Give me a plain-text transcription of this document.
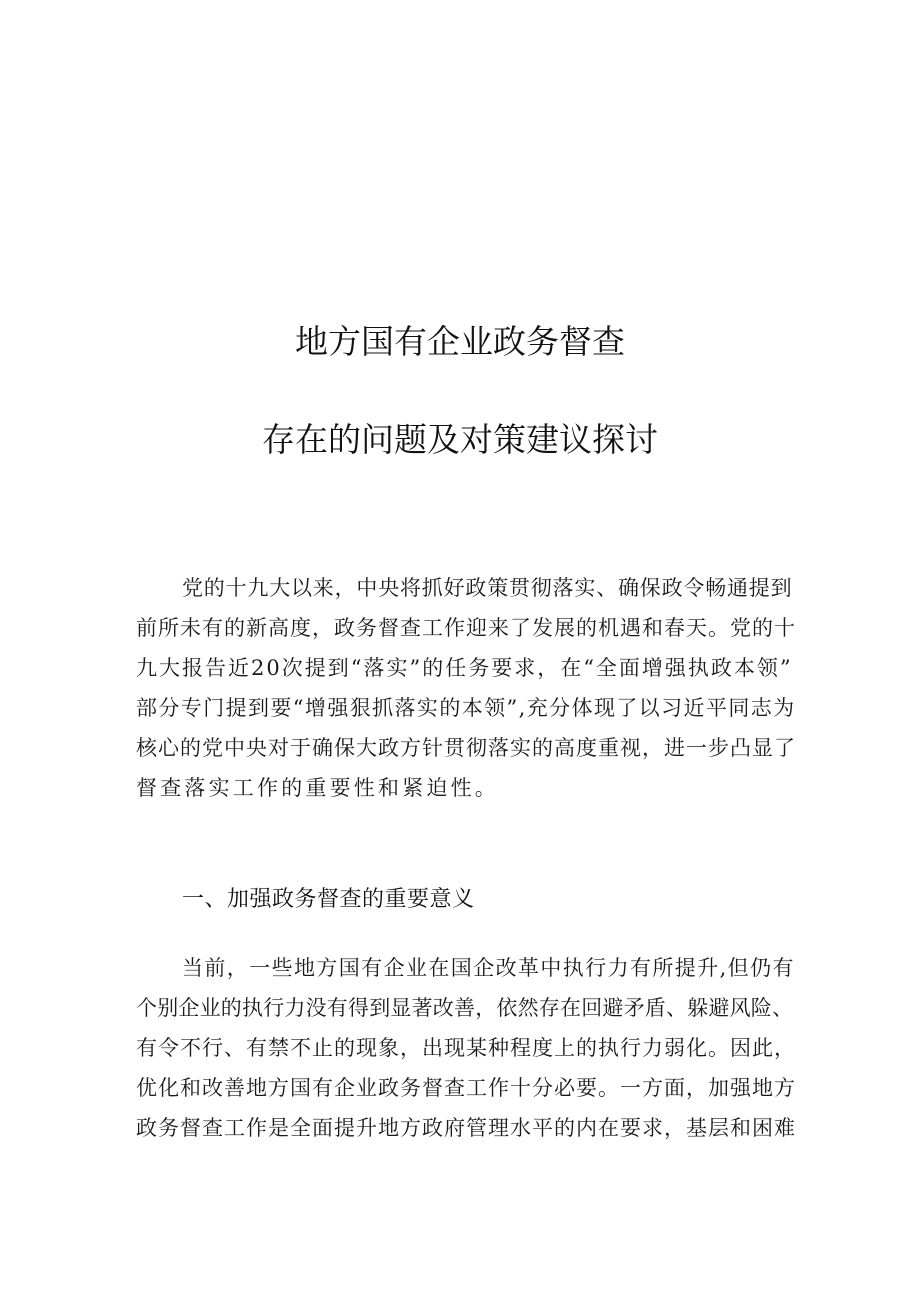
地方国有企业政务督查
存在的问题及对策建议探讨
党的十九大以来，中央将抓好政策贯彻落实、确保政令畅通提到
前所未有的新高度，政务督查工作迎来了发展的机遇和春天。党的十
九大报告近20次提到“落实”的任务要求，在“全面增强执政本领”
部分专门提到要“增强狠抓落实的本领”,充分体现了以习近平同志为
核心的党中央对于确保大政方针贯彻落实的高度重视，进一步凸显了
督查落实工作的重要性和紧迫性。
一、加强政务督查的重要意义
当前，一些地方国有企业在国企改革中执行力有所提升,但仍有
个别企业的执行力没有得到显著改善，依然存在回避矛盾、躲避风险、
有令不行、有禁不止的现象，出现某种程度上的执行力弱化。因此，
优化和改善地方国有企业政务督查工作十分必要。一方面，加强地方
政务督查工作是全面提升地方政府管理水平的内在要求，基层和困难
